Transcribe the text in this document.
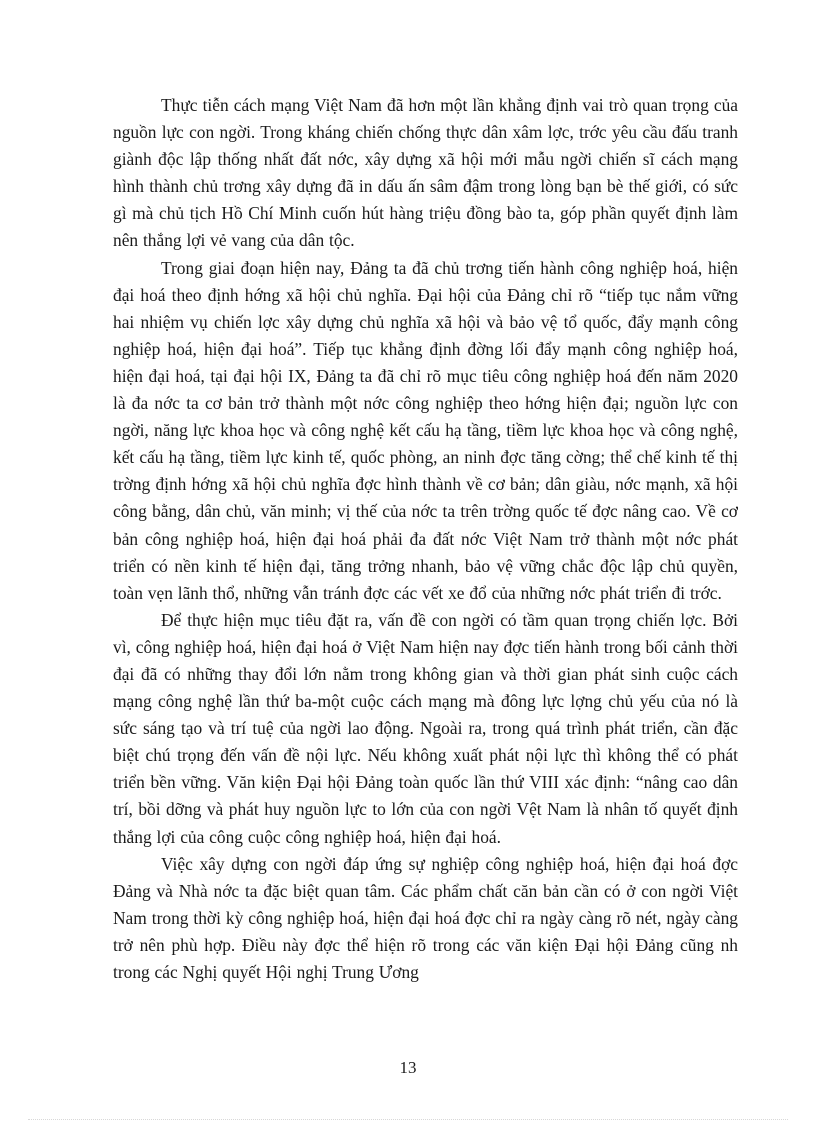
Thực tiễn cách mạng Việt Nam đã hơn một lần khẳng định vai trò quan trọng của nguồn lực con ngời. Trong kháng chiến chống thực dân xâm lợc, trớc yêu cầu đấu tranh giành độc lập thống nhất đất nớc, xây dựng xã hội mới mẫu ngời chiến sĩ cách mạng hình thành chủ trơng xây dựng đã in dấu ấn sâm đậm trong lòng bạn bè thế giới, có sức gì mà chủ tịch Hồ Chí Minh cuốn hút hàng triệu đồng bào ta, góp phần quyết định làm nên thắng lợi vẻ vang của dân tộc.

Trong giai đoạn hiện nay, Đảng ta đã chủ trơng tiến hành công nghiệp hoá, hiện đại hoá theo định hớng xã hội chủ nghĩa. Đại hội của Đảng chỉ rõ “tiếp tục nắm vững hai nhiệm vụ chiến lợc xây dựng chủ nghĩa xã hội và bảo vệ tổ quốc, đẩy mạnh công nghiệp hoá, hiện đại hoá”. Tiếp tục khẳng định đờng lối đẩy mạnh công nghiệp hoá, hiện đại hoá, tại đại hội IX, Đảng ta đã chỉ rõ mục tiêu công nghiệp hoá đến năm 2020 là đa nớc ta cơ bản trở thành một nớc công nghiệp theo hớng hiện đại; nguồn lực con ngời, năng lực khoa học và công nghệ kết cấu hạ tầng, tiềm lực khoa học và công nghệ, kết cấu hạ tầng, tiềm lực kinh tế, quốc phòng, an ninh đợc tăng cờng; thể chế kinh tế thị trờng định hớng xã hội chủ nghĩa đợc hình thành về cơ bản; dân giàu, nớc mạnh, xã hội công bằng, dân chủ, văn minh; vị thế của nớc ta trên trờng quốc tế đợc nâng cao. Về cơ bản công nghiệp hoá, hiện đại hoá phải đa đất nớc Việt Nam trở thành một nớc phát triển có nền kinh tế hiện đại, tăng trởng nhanh, bảo vệ vững chắc độc lập chủ quyền, toàn vẹn lãnh thổ, những vẫn tránh đợc các vết xe đổ của những nớc phát triển đi trớc.

Để thực hiện mục tiêu đặt ra, vấn đề con ngời có tầm quan trọng chiến lợc. Bởi vì, công nghiệp hoá, hiện đại hoá ở Việt Nam hiện nay đợc tiến hành trong bối cảnh thời đại đã có những thay đổi lớn nằm trong không gian và thời gian phát sinh cuộc cách mạng công nghệ lần thứ ba-một cuộc cách mạng mà đông lực lợng chủ yếu của nó là sức sáng tạo và trí tuệ của ngời lao động. Ngoài ra, trong quá trình phát triển, cần đặc biệt chú trọng đến vấn đề nội lực. Nếu không xuất phát nội lực thì không thể có phát triển bền vững. Văn kiện Đại hội Đảng toàn quốc lần thứ VIII xác định: “nâng cao dân trí, bồi dỡng và phát huy nguồn lực to lớn của con ngời Vệt Nam là nhân tố quyết định thắng lợi của công cuộc công nghiệp hoá, hiện đại hoá.

Việc xây dựng con ngời đáp ứng sự nghiệp công nghiệp hoá, hiện đại hoá đợc Đảng và Nhà nớc ta đặc biệt quan tâm. Các phẩm chất căn bản cần có ở con ngời Việt Nam trong thời kỳ công nghiệp hoá, hiện đại hoá đợc chỉ ra ngày càng rõ nét, ngày càng trở nên phù hợp. Điều này đợc thể hiện rõ trong các văn kiện Đại hội Đảng cũng nh trong các Nghị quyết Hội nghị Trung Ương

13
